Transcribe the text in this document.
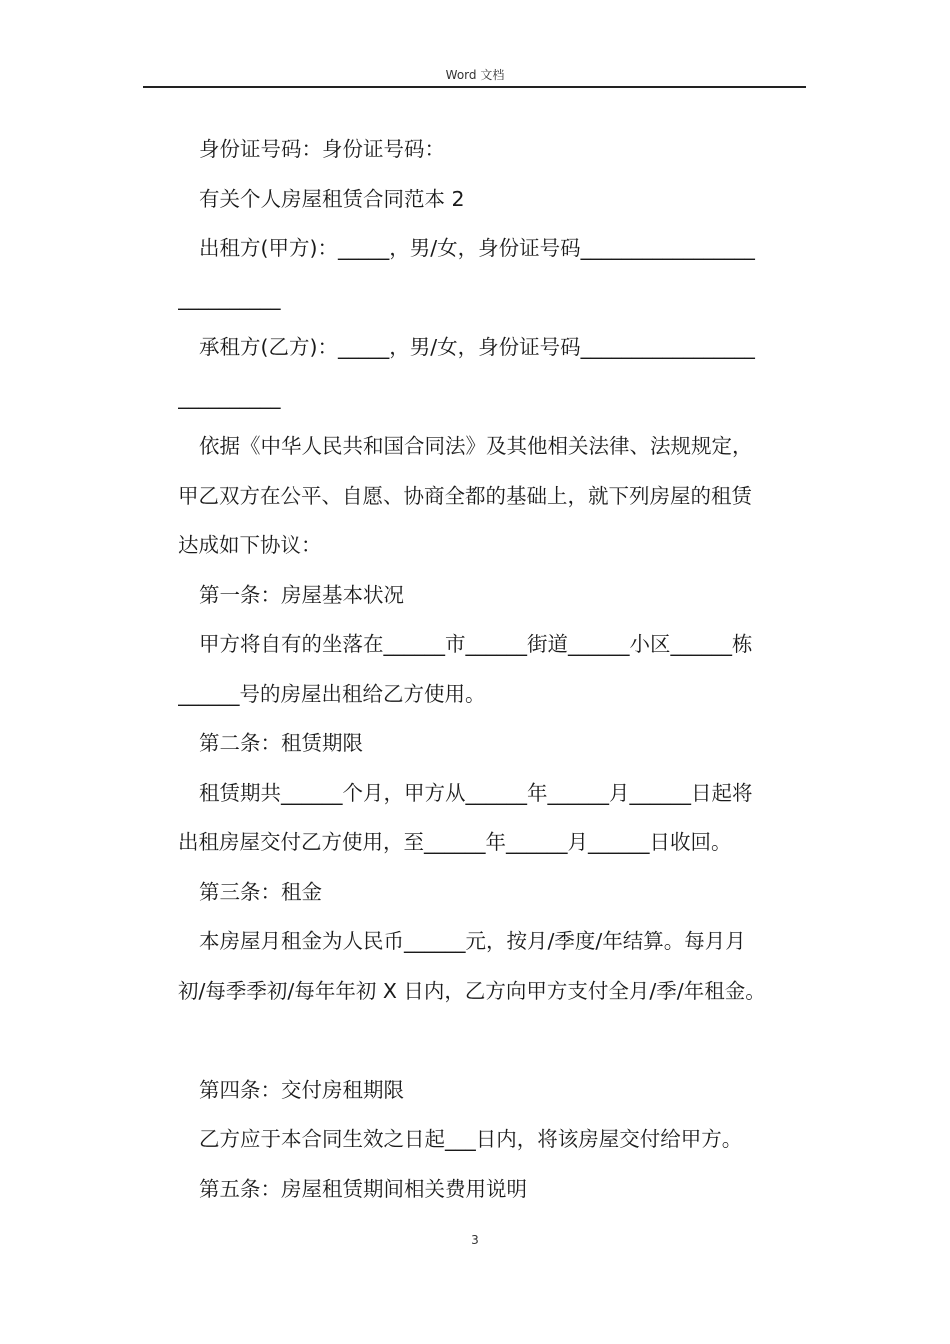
Word 文档
身份证号码：身份证号码：
有关个人房屋租赁合同范本 2
出租方(甲方)：_____，男/女，身份证号码_________________
__________
承租方(乙方)：_____，男/女，身份证号码_________________
__________
依据《中华人民共和国合同法》及其他相关法律、法规规定，
甲乙双方在公平、自愿、协商全都的基础上，就下列房屋的租赁
达成如下协议：
第一条：房屋基本状况
甲方将自有的坐落在______市______街道______小区______栋
______号的房屋出租给乙方使用。
第二条：租赁期限
租赁期共______个月，甲方从______年______月______日起将
出租房屋交付乙方使用，至______年______月______日收回。
第三条：租金
本房屋月租金为人民币______元，按月/季度/年结算。每月月
初/每季季初/每年年初 X 日内，乙方向甲方支付全月/季/年租金。
第四条：交付房租期限
乙方应于本合同生效之日起___日内，将该房屋交付给甲方。
第五条：房屋租赁期间相关费用说明
3
